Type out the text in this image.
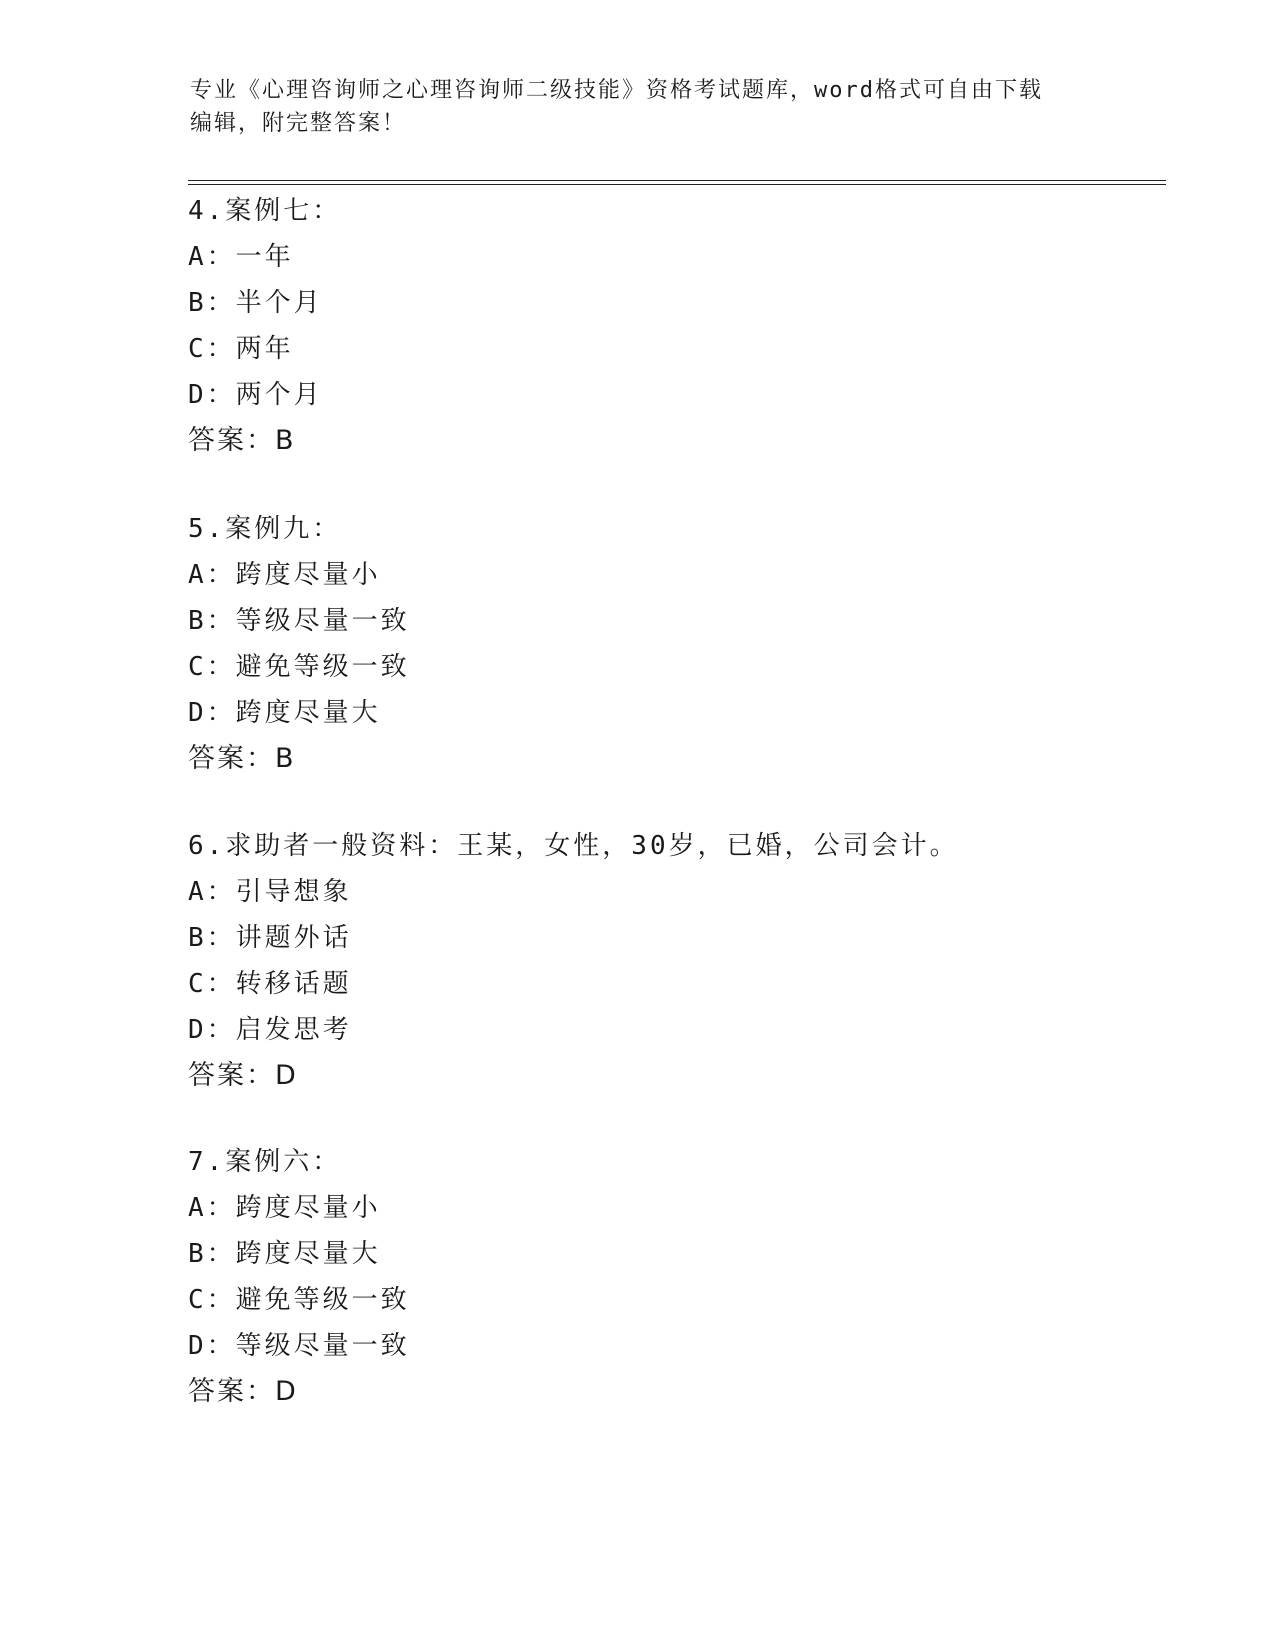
专业《心理咨询师之心理咨询师二级技能》资格考试题库，word格式可自由下载
编辑，附完整答案！
4.案例七：
A：一年
B：半个月
C：两年
D：两个月
答案：B
5.案例九：
A：跨度尽量小
B：等级尽量一致
C：避免等级一致
D：跨度尽量大
答案：B
6.求助者一般资料：王某，女性，30岁，已婚，公司会计。
A：引导想象
B：讲题外话
C：转移话题
D：启发思考
答案：D
7.案例六：
A：跨度尽量小
B：跨度尽量大
C：避免等级一致
D：等级尽量一致
答案：D
